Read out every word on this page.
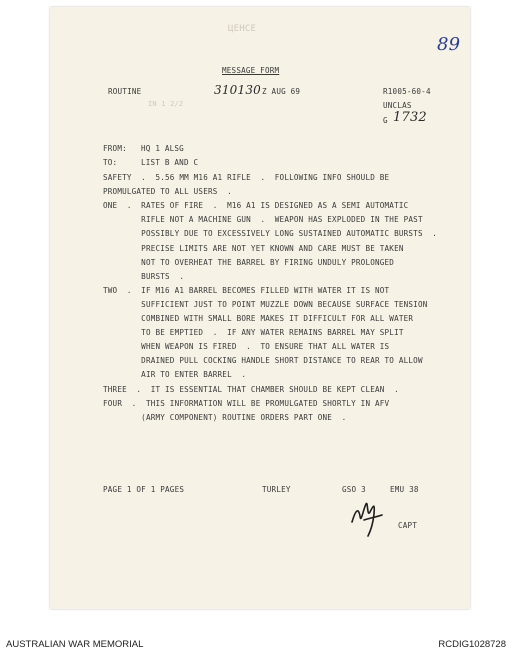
ЦЕНСЕ
89
MESSAGE FORM
ROUTINE	310130 Z AUG 69	R1005-60-4
UNCLAS
G 1732
IN 1 2/2
FROM: HQ 1 ALSG
TO:	LIST B AND C
SAFETY  .  5.56 MM M16 A1 RIFLE  .  FOLLOWING INFO SHOULD BE
PROMULGATED TO ALL USERS  .
ONE  .  RATES OF FIRE  .  M16 A1 IS DESIGNED AS A SEMI AUTOMATIC
RIFLE NOT A MACHINE GUN  .  WEAPON HAS EXPLODED IN THE PAST
POSSIBLY DUE TO EXCESSIVELY LONG SUSTAINED AUTOMATIC BURSTS  .
PRECISE LIMITS ARE NOT YET KNOWN AND CARE MUST BE TAKEN
NOT TO OVERHEAT THE BARREL BY FIRING UNDULY PROLONGED
BURSTS  .
TWO  .  IF M16 A1 BARREL BECOMES FILLED WITH WATER IT IS NOT
SUFFICIENT JUST TO POINT MUZZLE DOWN BECAUSE SURFACE TENSION
COMBINED WITH SMALL BORE MAKES IT DIFFICULT FOR ALL WATER
TO BE EMPTIED  .  IF ANY WATER REMAINS BARREL MAY SPLIT
WHEN WEAPON IS FIRED  .  TO ENSURE THAT ALL WATER IS
DRAINED PULL COCKING HANDLE SHORT DISTANCE TO REAR TO ALLOW
AIR TO ENTER BARREL  .
THREE  .  IT IS ESSENTIAL THAT CHAMBER SHOULD BE KEPT CLEAN  .
FOUR  .  THIS INFORMATION WILL BE PROMULGATED SHORTLY IN AFV
(ARMY COMPONENT) ROUTINE ORDERS PART ONE  .
PAGE 1 OF 1 PAGES	TURLEY	GSO 3	EMU 38
CAPT
AUSTRALIAN WAR MEMORIAL	RCDIG1028728
